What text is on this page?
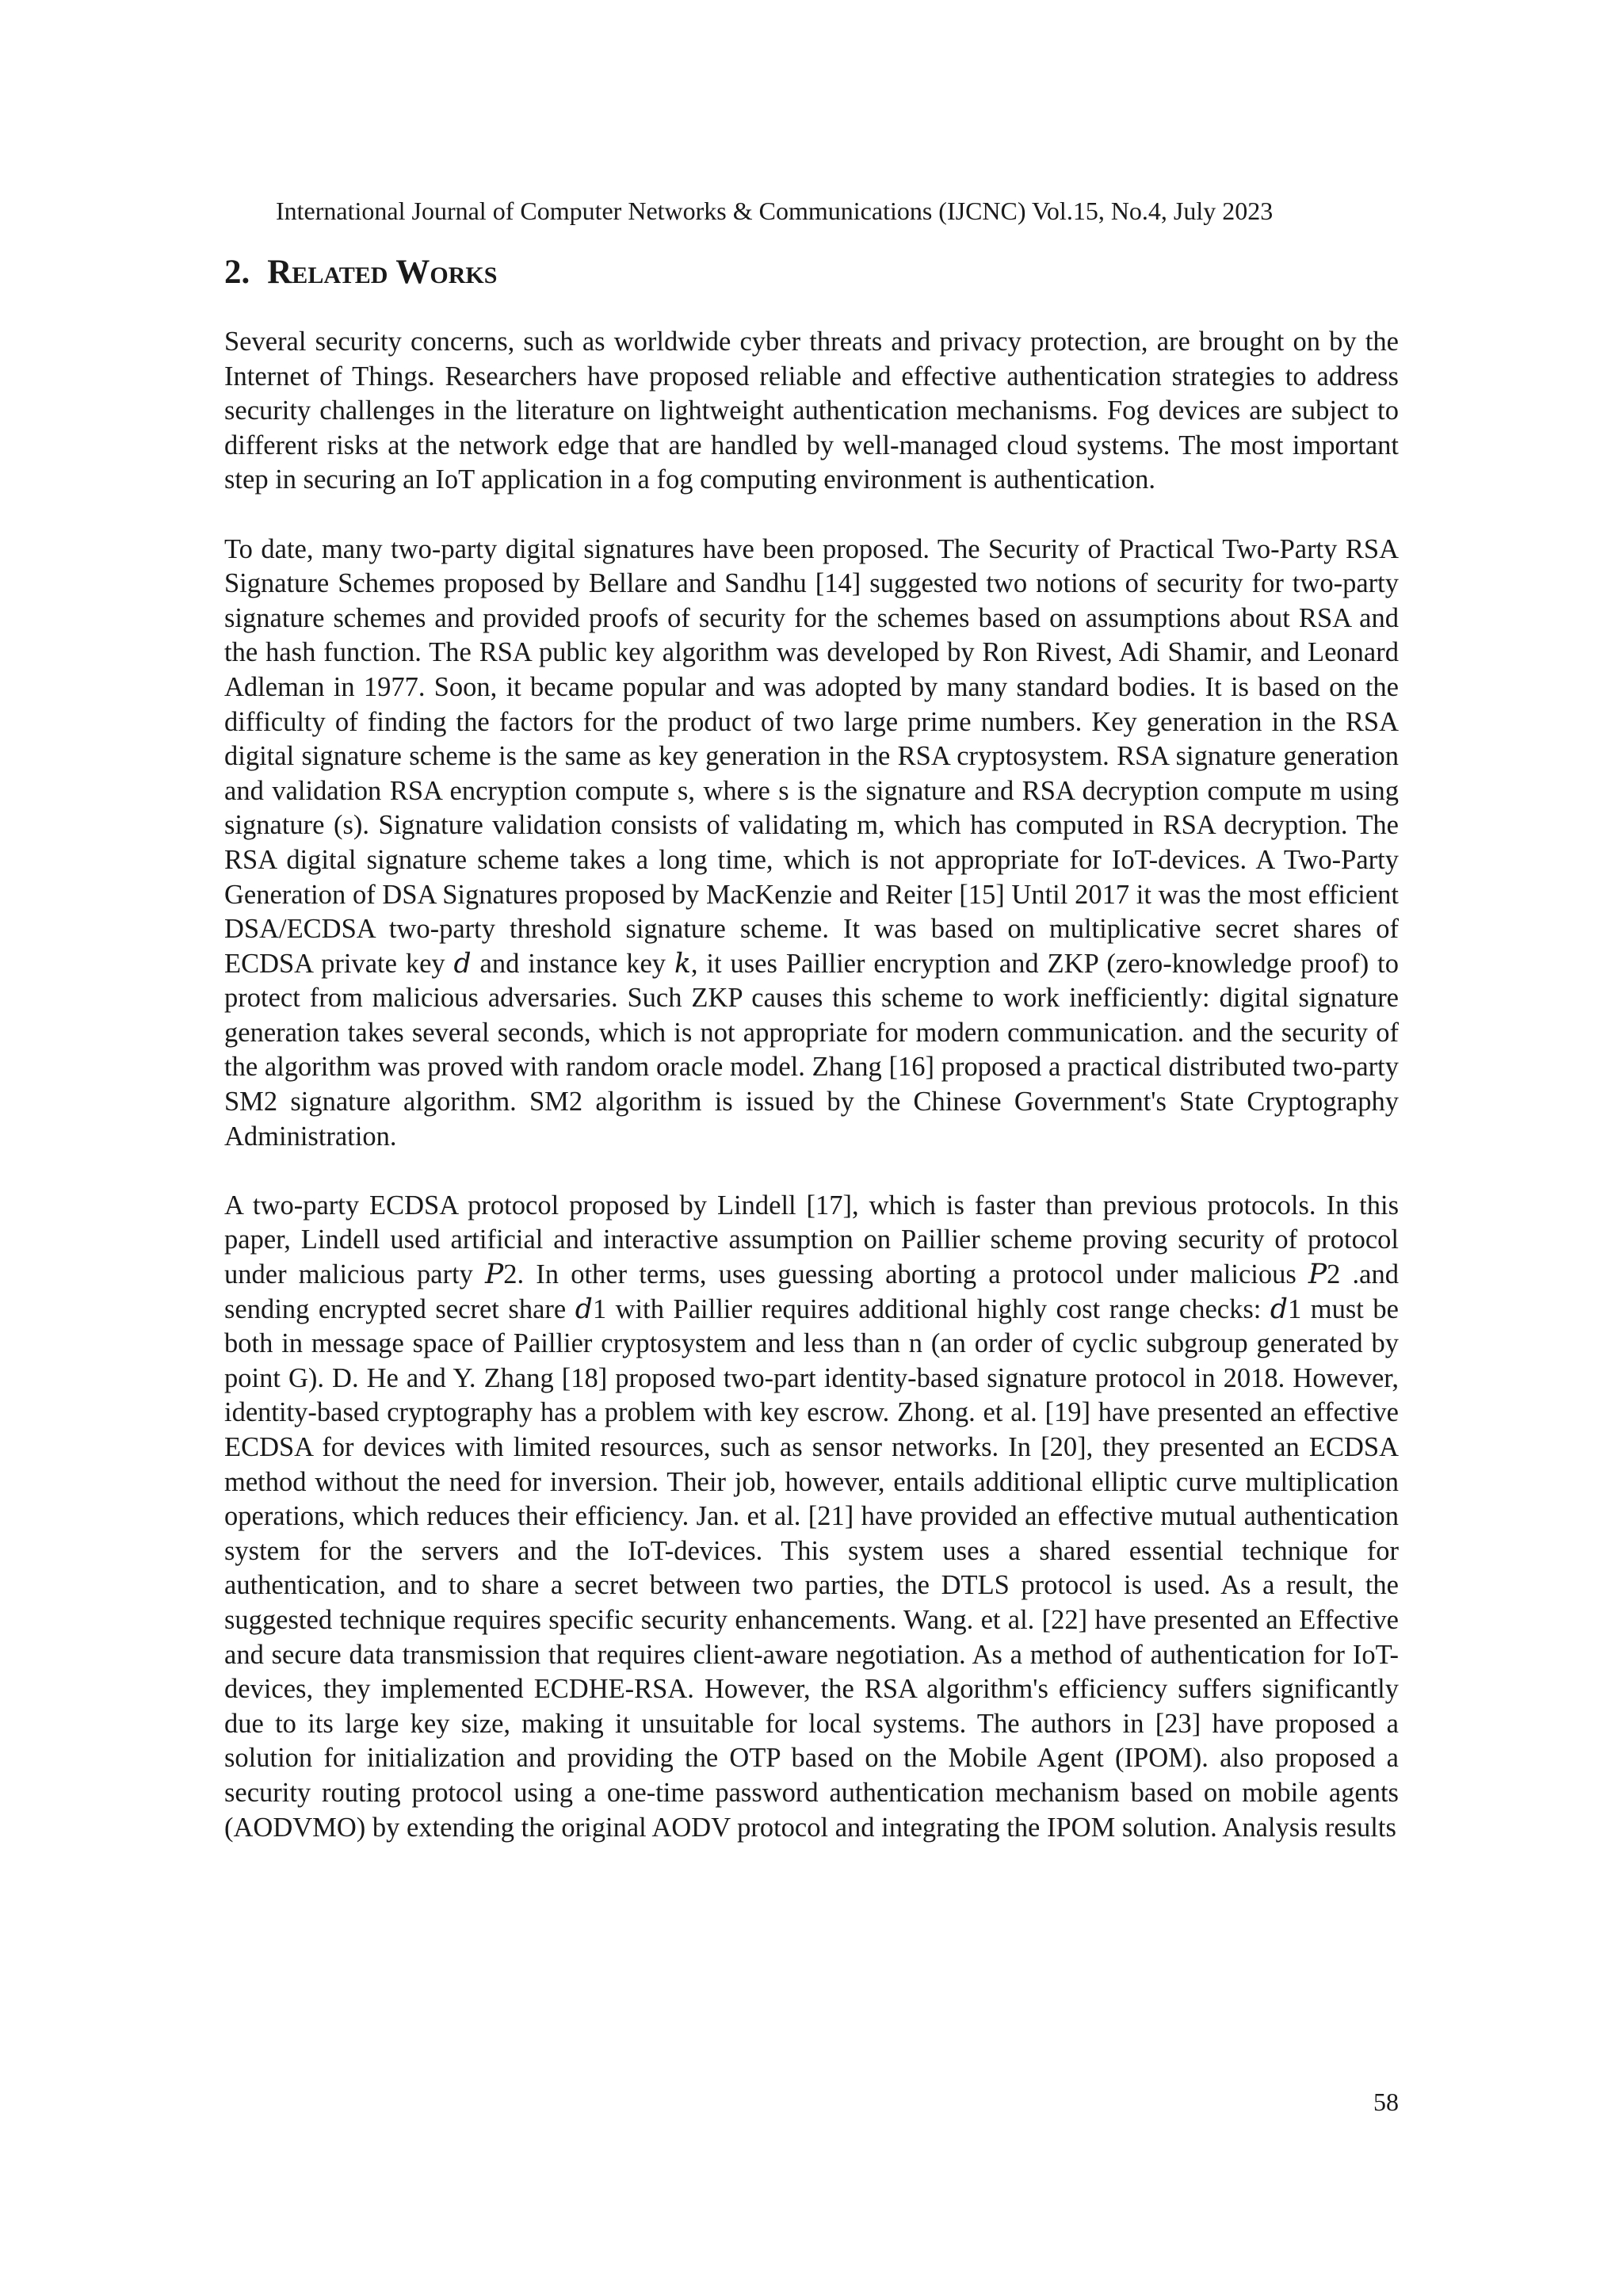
International Journal of Computer Networks & Communications (IJCNC) Vol.15, No.4, July 2023
2. Related Works

Several security concerns, such as worldwide cyber threats and privacy protection, are brought on by the Internet of Things. Researchers have proposed reliable and effective authentication strategies to address security challenges in the literature on lightweight authentication mechanisms. Fog devices are subject to different risks at the network edge that are handled by well-managed cloud systems. The most important step in securing an IoT application in a fog computing environment is authentication.

To date, many two-party digital signatures have been proposed. The Security of Practical Two-Party RSA Signature Schemes proposed by Bellare and Sandhu [14] suggested two notions of security for two-party signature schemes and provided proofs of security for the schemes based on assumptions about RSA and the hash function. The RSA public key algorithm was developed by Ron Rivest, Adi Shamir, and Leonard Adleman in 1977. Soon, it became popular and was adopted by many standard bodies. It is based on the difficulty of finding the factors for the product of two large prime numbers. Key generation in the RSA digital signature scheme is the same as key generation in the RSA cryptosystem. RSA signature generation and validation RSA encryption compute s, where s is the signature and RSA decryption compute m using signature (s). Signature validation consists of validating m, which has computed in RSA decryption. The RSA digital signature scheme takes a long time, which is not appropriate for IoT-devices. A Two-Party Generation of DSA Signatures proposed by MacKenzie and Reiter [15] Until 2017 it was the most efficient DSA/ECDSA two-party threshold signature scheme. It was based on multiplicative secret shares of ECDSA private key 𝑑 and instance key 𝑘, it uses Paillier encryption and ZKP (zero-knowledge proof) to protect from malicious adversaries. Such ZKP causes this scheme to work inefficiently: digital signature generation takes several seconds, which is not appropriate for modern communication. and the security of the algorithm was proved with random oracle model. Zhang [16] proposed a practical distributed two-party SM2 signature algorithm. SM2 algorithm is issued by the Chinese Government's State Cryptography Administration.

A two-party ECDSA protocol proposed by Lindell [17], which is faster than previous protocols. In this paper, Lindell used artificial and interactive assumption on Paillier scheme proving security of protocol under malicious party 𝑃2. In other terms, uses guessing aborting a protocol under malicious 𝑃2 .and sending encrypted secret share 𝑑1 with Paillier requires additional highly cost range checks: 𝑑1 must be both in message space of Paillier cryptosystem and less than n (an order of cyclic subgroup generated by point G). D. He and Y. Zhang [18] proposed two-part identity-based signature protocol in 2018. However, identity-based cryptography has a problem with key escrow. Zhong. et al. [19] have presented an effective ECDSA for devices with limited resources, such as sensor networks. In [20], they presented an ECDSA method without the need for inversion. Their job, however, entails additional elliptic curve multiplication operations, which reduces their efficiency. Jan. et al. [21] have provided an effective mutual authentication system for the servers and the IoT-devices. This system uses a shared essential technique for authentication, and to share a secret between two parties, the DTLS protocol is used. As a result, the suggested technique requires specific security enhancements. Wang. et al. [22] have presented an Effective and secure data transmission that requires client-aware negotiation. As a method of authentication for IoT-devices, they implemented ECDHE-RSA. However, the RSA algorithm's efficiency suffers significantly due to its large key size, making it unsuitable for local systems. The authors in [23] have proposed a solution for initialization and providing the OTP based on the Mobile Agent (IPOM). also proposed a security routing protocol using a one-time password authentication mechanism based on mobile agents (AODVMO) by extending the original AODV protocol and integrating the IPOM solution. Analysis results

58
